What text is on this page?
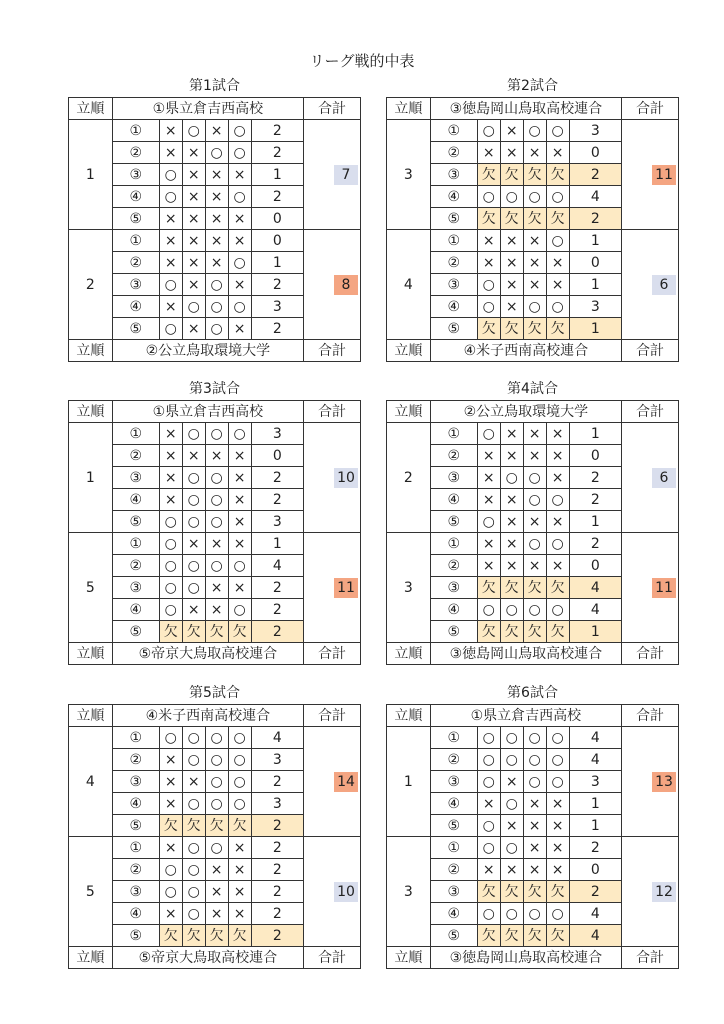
リーグ戦的中表
第1試合
立順	①県立倉吉西高校						合計
1	①	×	○	×	○	2	7

	②	×	×	○	○	2	
	③	○	×	×	×	1	
	④	○	×	×	○	2	
	⑤	×	×	×	×	0	
2	①	×	×	×	×	0	8

	②	×	×	×	○	1	
	③	○	×	○	×	2	
	④	×	○	○	○	3	
	⑤	○	×	○	×	2	
立順	②公立鳥取環境大学						合計
第2試合
立順	③徳島岡山鳥取高校連合						合計
3	①	○	×	○	○	3	11

	②	×	×	×	×	0	
	③	欠	欠	欠	欠	2	
	④	○	○	○	○	4	
	⑤	欠	欠	欠	欠	2	
4	①	×	×	×	○	1	6

	②	×	×	×	×	0	
	③	○	×	×	×	1	
	④	○	×	○	○	3	
	⑤	欠	欠	欠	欠	1	
立順	④米子西南高校連合						合計
第3試合
立順	①県立倉吉西高校						合計
1	①	×	○	○	○	3	10

	②	×	×	×	×	0	
	③	×	○	○	×	2	
	④	×	○	○	×	2	
	⑤	○	○	○	×	3	
5	①	○	×	×	×	1	11

	②	○	○	○	○	4	
	③	○	○	×	×	2	
	④	○	×	×	○	2	
	⑤	欠	欠	欠	欠	2	
立順	⑤帝京大鳥取高校連合						合計
第4試合
立順	②公立鳥取環境大学						合計
2	①	○	×	×	×	1	6

	②	×	×	×	×	0	
	③	×	○	○	×	2	
	④	×	×	○	○	2	
	⑤	○	×	×	×	1	
3	①	×	×	○	○	2	11

	②	×	×	×	×	0	
	③	欠	欠	欠	欠	4	
	④	○	○	○	○	4	
	⑤	欠	欠	欠	欠	1	
立順	③徳島岡山鳥取高校連合						合計
第5試合
立順	④米子西南高校連合						合計
4	①	○	○	○	○	4	14

	②	×	○	○	○	3	
	③	×	×	○	○	2	
	④	×	○	○	○	3	
	⑤	欠	欠	欠	欠	2	
5	①	×	○	○	×	2	10

	②	○	○	×	×	2	
	③	○	○	×	×	2	
	④	×	○	×	×	2	
	⑤	欠	欠	欠	欠	2	
立順	⑤帝京大鳥取高校連合						合計
第6試合
立順	①県立倉吉西高校						合計
1	①	○	○	○	○	4	13

	②	○	○	○	○	4	
	③	○	×	○	○	3	
	④	×	○	×	×	1	
	⑤	○	×	×	×	1	
3	①	○	○	×	×	2	12

	②	×	×	×	×	0	
	③	欠	欠	欠	欠	2	
	④	○	○	○	○	4	
	⑤	欠	欠	欠	欠	4	
立順	③徳島岡山鳥取高校連合						合計
